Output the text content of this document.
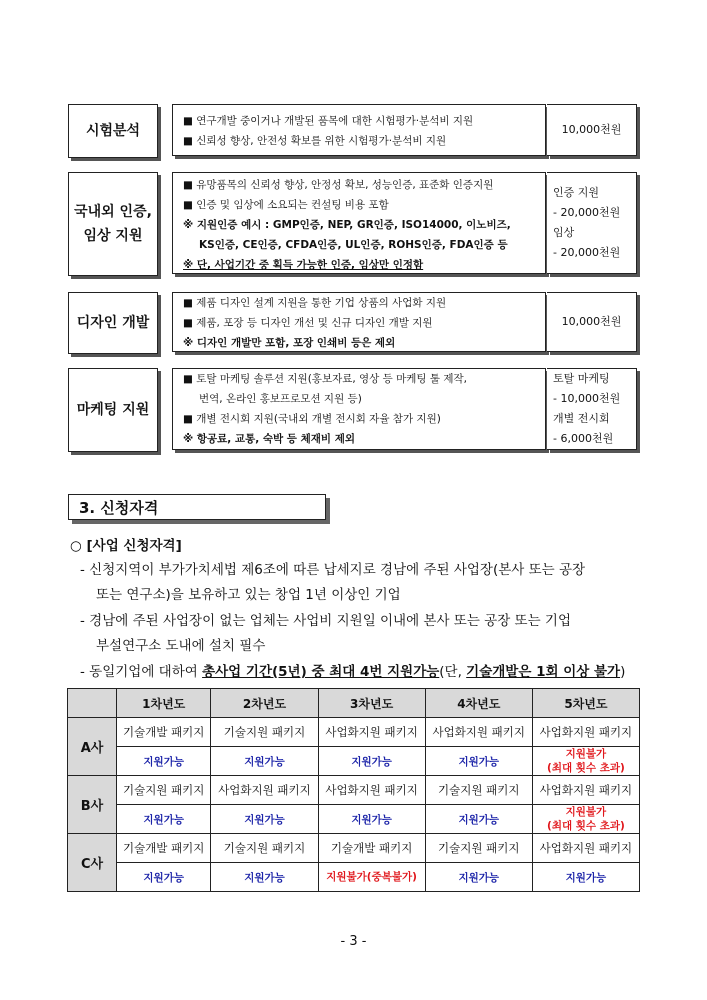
시험분석
■ 연구개발 중이거나 개발된 품목에 대한 시험평가·분석비 지원
■ 신뢰성 향상, 안전성 확보를 위한 시험평가·분석비 지원
10,000천원
국내외 인증,
임상 지원
■ 유망품목의 신뢰성 향상, 안정성 확보, 성능인증, 표준화 인증지원
■ 인증 및 임상에 소요되는 컨설팅 비용 포함
※ 지원인증 예시 : GMP인증, NEP, GR인증, ISO14000, 이노비즈,
KS인증, CE인증, CFDA인증, UL인증, ROHS인증, FDA인증 등
※ 단, 사업기간 중 획득 가능한 인증, 임상만 인정함
인증 지원
- 20,000천원
임상
- 20,000천원
디자인 개발
■ 제품 디자인 설계 지원을 통한 기업 상품의 사업화 지원
■ 제품, 포장 등 디자인 개선 및 신규 디자인 개발 지원
※ 디자인 개발만 포함, 포장 인쇄비 등은 제외
10,000천원
마케팅 지원
■ 토탈 마케팅 솔루션 지원(홍보자료, 영상 등 마케팅 툴 제작,
번역, 온라인 홍보프로모션 지원 등)
■ 개별 전시회 지원(국내외 개별 전시회 자율 참가 지원)
※ 항공료, 교통, 숙박 등 체재비 제외
토탈 마케팅
- 10,000천원
개별 전시회
- 6,000천원
3. 신청자격
○ [사업 신청자격]
- 신청지역이 부가가치세법 제6조에 따른 납세지로 경남에 주된 사업장(본사 또는 공장
또는 연구소)을 보유하고 있는 창업 1년 이상인 기업
- 경남에 주된 사업장이 없는 업체는 사업비 지원일 이내에 본사 또는 공장 또는 기업
부설연구소 도내에 설치 필수
- 동일기업에 대하여 총사업 기간(5년) 중 최대 4번 지원가능(단, 기술개발은 1회 이상 불가)
	1차년도	2차년도	3차년도	4차년도	5차년도
A사	기술개발 패키지	기술지원 패키지	사업화지원 패키지	사업화지원 패키지	사업화지원 패키지
	지원가능	지원가능	지원가능	지원가능	지원불가
(최대 횟수 초과)
B사	기술지원 패키지	사업화지원 패키지	사업화지원 패키지	기술지원 패키지	사업화지원 패키지
	지원가능	지원가능	지원가능	지원가능	지원불가
(최대 횟수 초과)
C사	기술개발 패키지	기술지원 패키지	기술개발 패키지	기술지원 패키지	사업화지원 패키지
	지원가능	지원가능	지원불가(중복불가)	지원가능	지원가능
- 3 -
